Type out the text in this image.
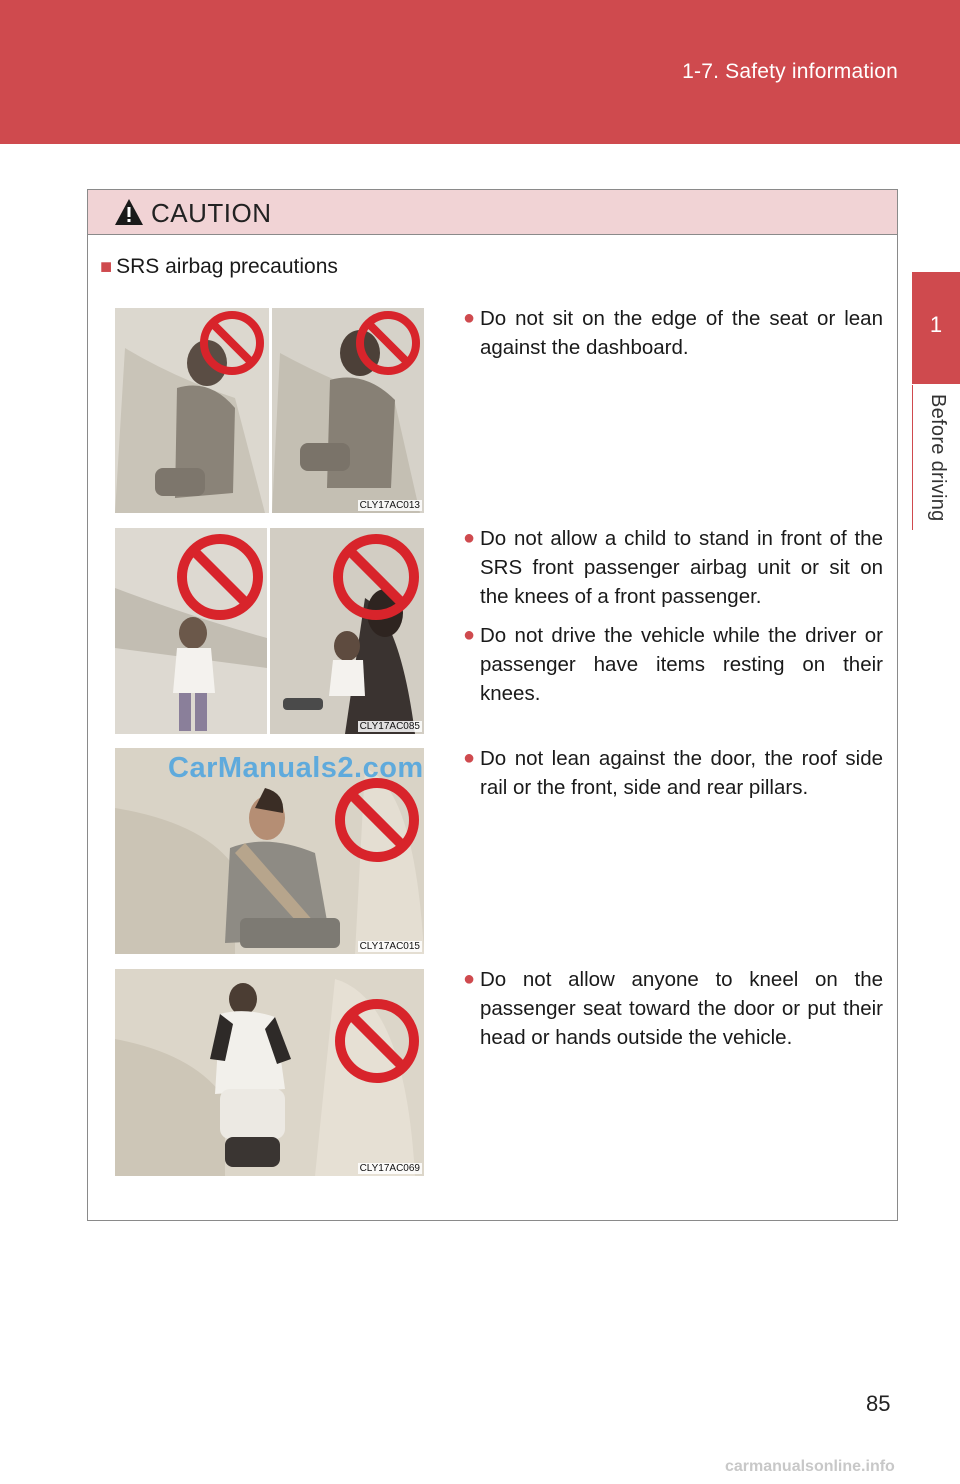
1-7. Safety information
1
Before driving
CAUTION
■ SRS airbag precautions
CLY17AC013
● Do not sit on the edge of the seat or lean against the dashboard.
CLY17AC085
● Do not allow a child to stand in front of the SRS front passenger airbag unit or sit on the knees of a front passenger.
● Do not drive the vehicle while the driver or passenger have items resting on their knees.
CLY17AC015
CarManuals2.com ● Do not lean against the door, the roof side rail or the front, side and rear pillars.
CLY17AC069
● Do not allow anyone to kneel on the passenger seat toward the door or put their head or hands outside the vehicle.
85
carmanualsonline.info
